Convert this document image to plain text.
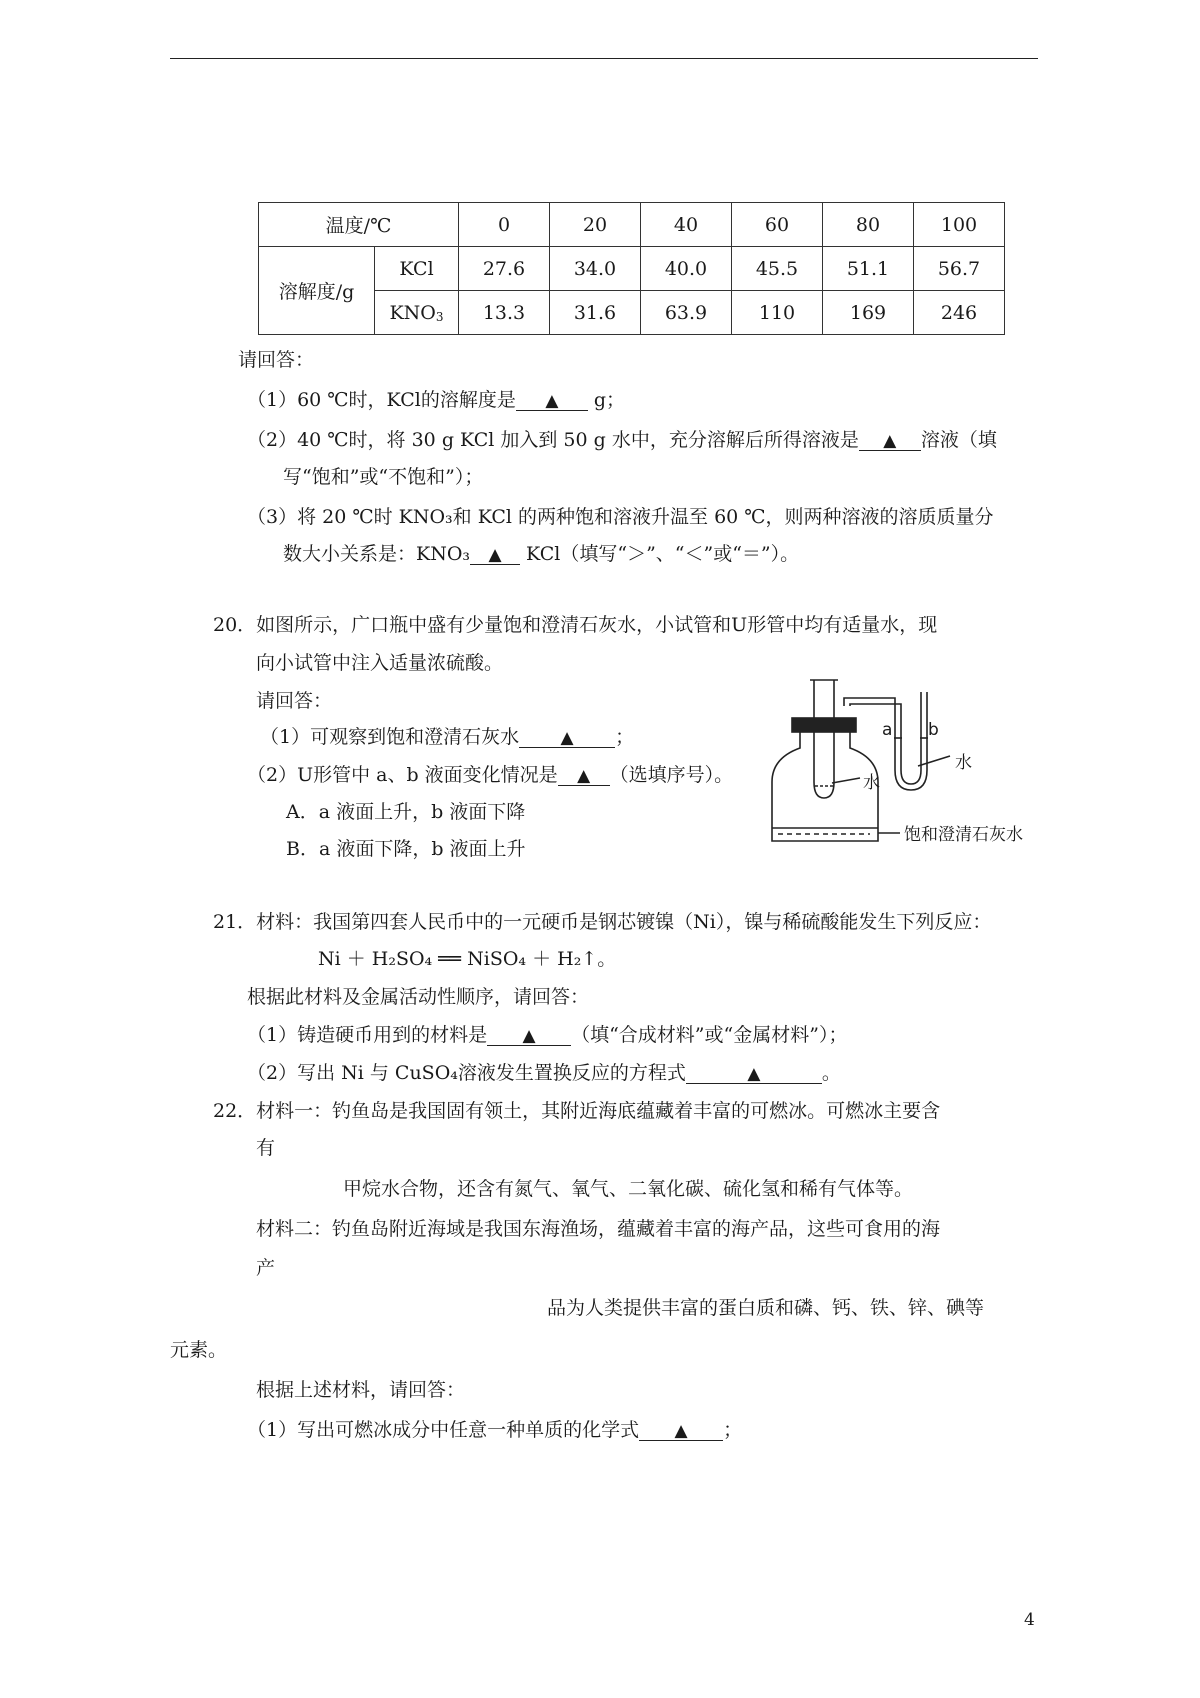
温度/℃		0	20	40	60	80	100
溶解度/g	KCl	27.6	34.0	40.0	45.5	51.1	56.7
	KNO3	13.3	31.6	63.9	110	169	246
请回答：
（1）60 ℃时，KCl的溶解度是 ▲ g；
（2）40 ℃时，将 30 g KCl 加入到 50 g 水中，充分溶解后所得溶液是 ▲ 溶液（填
写“饱和”或“不饱和”）；
（3）将 20 ℃时 KNO₃和 KCl 的两种饱和溶液升温至 60 ℃，则两种溶液的溶质质量分
数大小关系是：KNO₃ ▲ KCl（填写“＞”、“＜”或“＝”）。
20．如图所示，广口瓶中盛有少量饱和澄清石灰水，小试管和U形管中均有适量水，现
向小试管中注入适量浓硫酸。
请回答：
（1）可观察到饱和澄清石灰水 ▲ ；
（2）U形管中 a、b 液面变化情况是 ▲ （选填序号）。
A．a 液面上升，b 液面下降
B．a 液面下降，b 液面上升
a b
水
水
饱和澄清石灰水
21．材料：我国第四套人民币中的一元硬币是钢芯镀镍（Ni），镍与稀硫酸能发生下列反应：
Ni ＋ H₂SO₄ ══ NiSO₄ ＋ H₂↑。
根据此材料及金属活动性顺序，请回答：
（1）铸造硬币用到的材料是 ▲ （填“合成材料”或“金属材料”）；
（2）写出 Ni 与 CuSO₄溶液发生置换反应的方程式	▲	。
22．材料一：钓鱼岛是我国固有领土，其附近海底蕴藏着丰富的可燃冰。可燃冰主要含
有
甲烷水合物，还含有氮气、氧气、二氧化碳、硫化氢和稀有气体等。
材料二：钓鱼岛附近海域是我国东海渔场，蕴藏着丰富的海产品，这些可食用的海
产
品为人类提供丰富的蛋白质和磷、钙、铁、锌、碘等
元素。
根据上述材料，请回答：
（1）写出可燃冰成分中任意一种单质的化学式 ▲ ；
4
